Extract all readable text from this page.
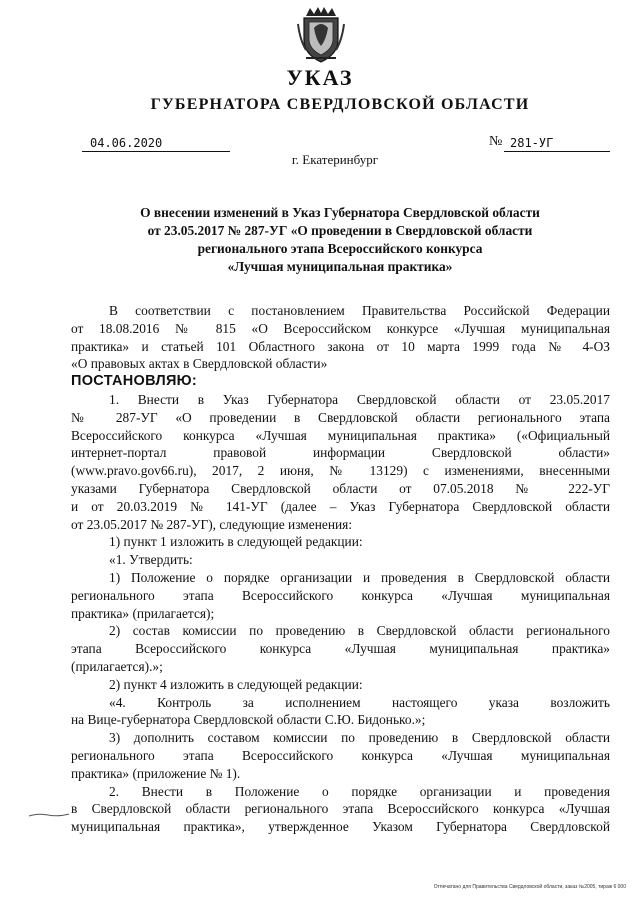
УКАЗ
ГУБЕРНАТОРА СВЕРДЛОВСКОЙ ОБЛАСТИ
04.06.2020	№ 281-УГ
г. Екатеринбург
О внесении изменений в Указ Губернатора Свердловской области
от 23.05.2017 № 287-УГ «О проведении в Свердловской области
регионального этапа Всероссийского конкурса
«Лучшая муниципальная практика»
В соответствии с постановлением Правительства Российской Федерации
от 18.08.2016 № 815 «О Всероссийском конкурсе «Лучшая муниципальная
практика» и статьей 101 Областного закона от 10 марта 1999 года № 4-ОЗ
«О правовых актах в Свердловской области»
ПОСТАНОВЛЯЮ:
1. Внести в Указ Губернатора Свердловской области от 23.05.2017
№ 287-УГ «О проведении в Свердловской области регионального этапа
Всероссийского конкурса «Лучшая муниципальная практика» («Официальный
интернет-портал правовой информации Свердловской области»
(www.pravo.gov66.ru), 2017, 2 июня, № 13129) с изменениями, внесенными
указами Губернатора Свердловской области от 07.05.2018 № 222-УГ
и от 20.03.2019 № 141-УГ (далее – Указ Губернатора Свердловской области
от 23.05.2017 № 287-УГ), следующие изменения:
1) пункт 1 изложить в следующей редакции:
«1. Утвердить:
1) Положение о порядке организации и проведения в Свердловской области
регионального этапа Всероссийского конкурса «Лучшая муниципальная
практика» (прилагается);
2) состав комиссии по проведению в Свердловской области регионального
этапа Всероссийского конкурса «Лучшая муниципальная практика»
(прилагается).»;
2) пункт 4 изложить в следующей редакции:
«4. Контроль за исполнением настоящего указа возложить
на Вице-губернатора Свердловской области С.Ю. Бидонько.»;
3) дополнить составом комиссии по проведению в Свердловской области
регионального этапа Всероссийского конкурса «Лучшая муниципальная
практика» (приложение № 1).
2. Внести в Положение о порядке организации и проведения
в Свердловской области регионального этапа Всероссийского конкурса «Лучшая
муниципальная практика», утвержденное Указом Губернатора Свердловской
Отпечатано для Правительства Свердловской области, заказ №2005, тираж 6 000
